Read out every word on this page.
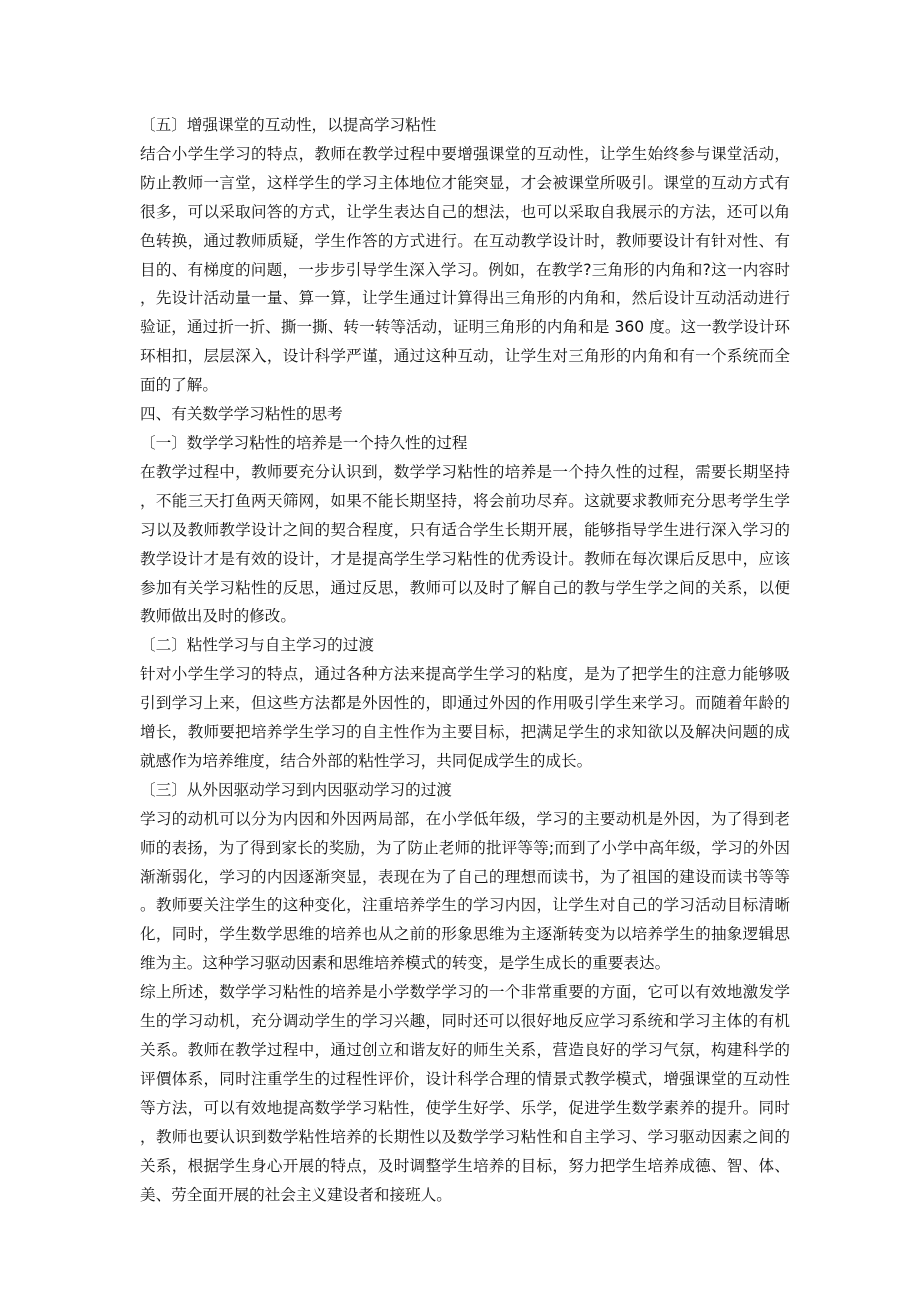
〔五〕增强课堂的互动性，以提高学习粘性

结合小学生学习的特点，教师在教学过程中要增强课堂的互动性，让学生始终参与课堂活动，防止教师一言堂，这样学生的学习主体地位才能突显，才会被课堂所吸引。课堂的互动方式有很多，可以采取问答的方式，让学生表达自己的想法，也可以采取自我展示的方法，还可以角色转换，通过教师质疑，学生作答的方式进行。在互动教学设计时，教师要设计有针对性、有目的、有梯度的问题，一步步引导学生深入学习。例如，在教学?三角形的内角和?这一内容时，先设计活动量一量、算一算，让学生通过计算得出三角形的内角和，然后设计互动活动进行验证，通过折一折、撕一撕、转一转等活动，证明三角形的内角和是 360 度。这一教学设计环环相扣，层层深入，设计科学严谨，通过这种互动，让学生对三角形的内角和有一个系统而全面的了解。

四、有关数学学习粘性的思考

〔一〕数学学习粘性的培养是一个持久性的过程

在教学过程中，教师要充分认识到，数学学习粘性的培养是一个持久性的过程，需要长期坚持，不能三天打鱼两天筛网，如果不能长期坚持，将会前功尽弃。这就要求教师充分思考学生学习以及教师教学设计之间的契合程度，只有适合学生长期开展，能够指导学生进行深入学习的教学设计才是有效的设计，才是提高学生学习粘性的优秀设计。教师在每次课后反思中，应该参加有关学习粘性的反思，通过反思，教师可以及时了解自己的教与学生学之间的关系，以便教师做出及时的修改。

〔二〕粘性学习与自主学习的过渡

针对小学生学习的特点，通过各种方法来提高学生学习的粘度，是为了把学生的注意力能够吸引到学习上来，但这些方法都是外因性的，即通过外因的作用吸引学生来学习。而随着年龄的增长，教师要把培养学生学习的自主性作为主要目标，把满足学生的求知欲以及解决问题的成就感作为培养维度，结合外部的粘性学习，共同促成学生的成长。

〔三〕从外因驱动学习到内因驱动学习的过渡

学习的动机可以分为内因和外因两局部，在小学低年级，学习的主要动机是外因，为了得到老师的表扬，为了得到家长的奖励，为了防止老师的批评等等;而到了小学中高年级，学习的外因渐渐弱化，学习的内因逐渐突显，表现在为了自己的理想而读书，为了祖国的建设而读书等等。教师要关注学生的这种变化，注重培养学生的学习内因，让学生对自己的学习活动目标清晰化，同时，学生数学思维的培养也从之前的形象思维为主逐渐转变为以培养学生的抽象逻辑思维为主。这种学习驱动因素和思维培养模式的转变，是学生成长的重要表达。

综上所述，数学学习粘性的培养是小学数学学习的一个非常重要的方面，它可以有效地激发学生的学习动机，充分调动学生的学习兴趣，同时还可以很好地反应学习系统和学习主体的有机关系。教师在教学过程中，通过创立和谐友好的师生关系，营造良好的学习气氛，构建科学的评價体系，同时注重学生的过程性评价，设计科学合理的情景式教学模式，增强课堂的互动性等方法，可以有效地提高数学学习粘性，使学生好学、乐学，促进学生数学素养的提升。同时，教师也要认识到数学粘性培养的长期性以及数学学习粘性和自主学习、学习驱动因素之间的关系，根据学生身心开展的特点，及时调整学生培养的目标，努力把学生培养成德、智、体、美、劳全面开展的社会主义建设者和接班人。
